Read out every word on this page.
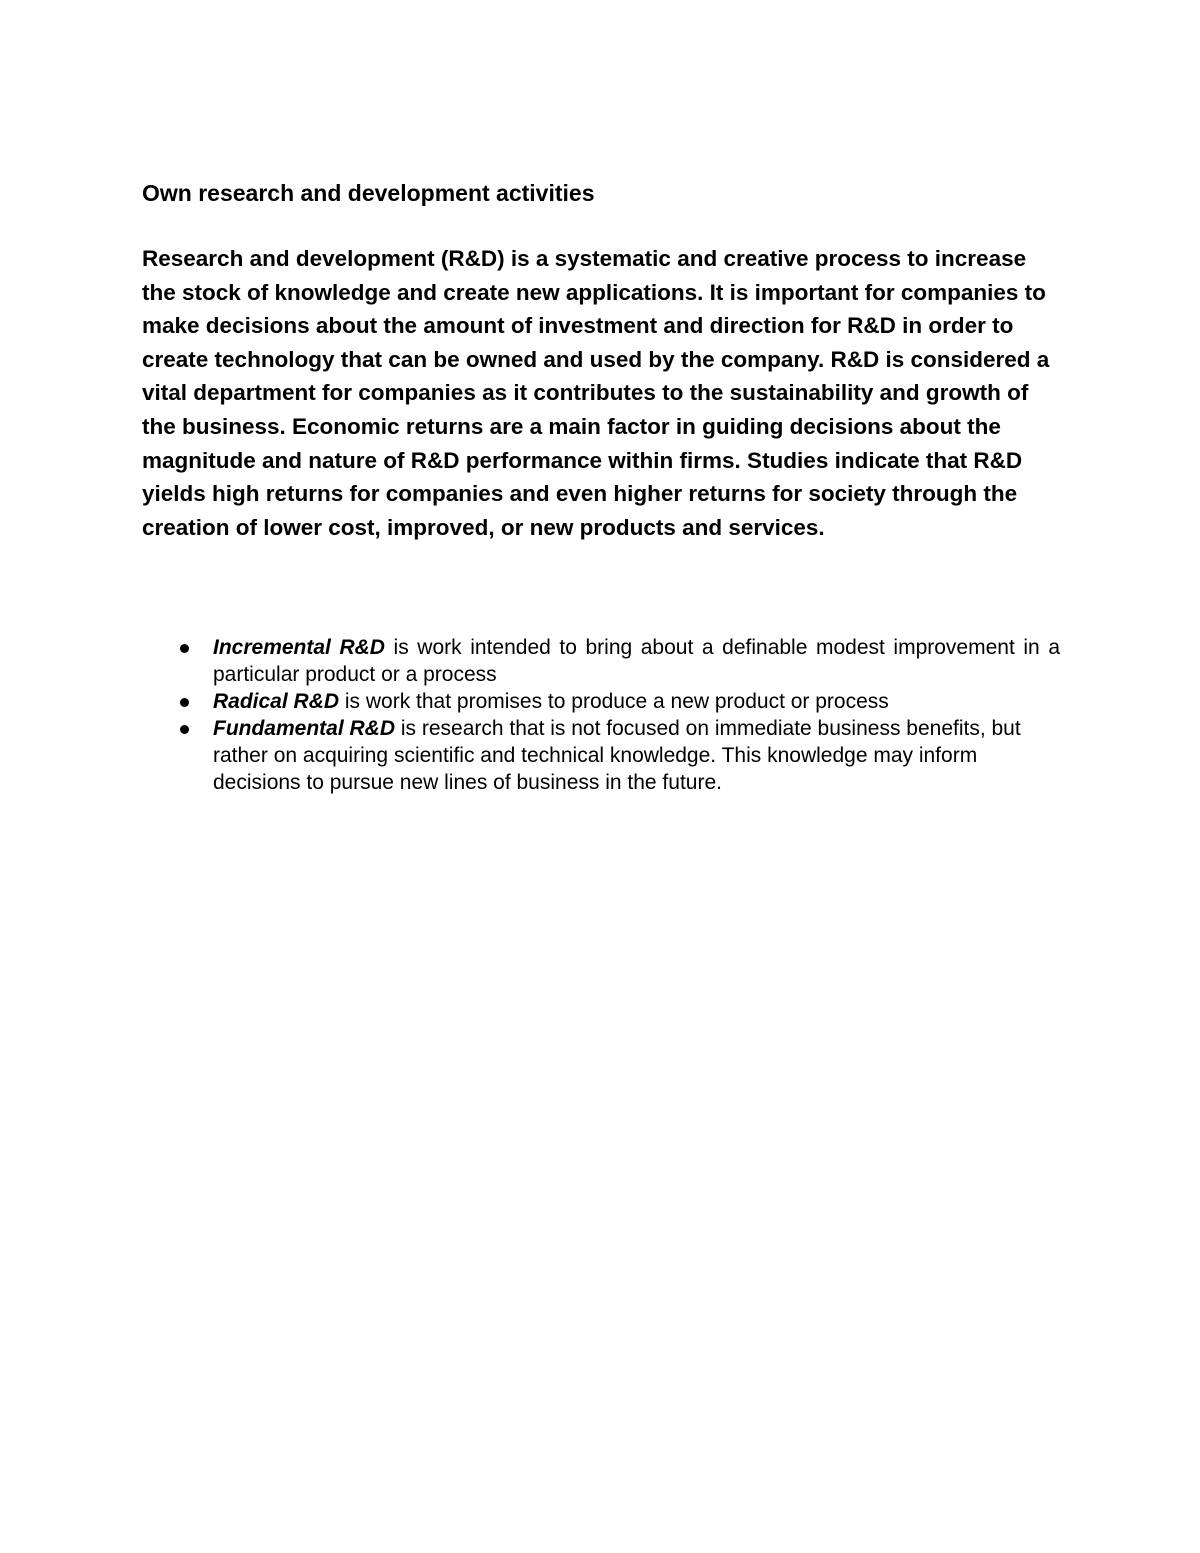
Own research and development activities

Research and development (R&D) is a systematic and creative process to increase the stock of knowledge and create new applications. It is important for companies to make decisions about the amount of investment and direction for R&D in order to create technology that can be owned and used by the company. R&D is considered a vital department for companies as it contributes to the sustainability and growth of the business. Economic returns are a main factor in guiding decisions about the magnitude and nature of R&D performance within firms. Studies indicate that R&D yields high returns for companies and even higher returns for society through the creation of lower cost, improved, or new products and services.

Incremental R&D is work intended to bring about a definable modest improvement in a particular product or a process
Radical R&D is work that promises to produce a new product or process
Fundamental R&D is research that is not focused on immediate business benefits, but rather on acquiring scientific and technical knowledge. This knowledge may inform decisions to pursue new lines of business in the future.
